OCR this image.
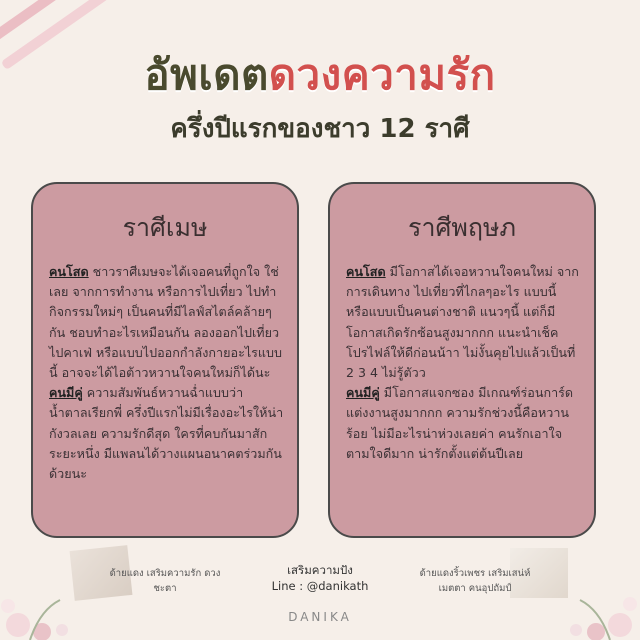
อัพเดตดวงความรัก
ครึ่งปีแรกของชาว 12 ราศี
ราศีเมษ

คนโสด ชาวราศีเมษจะได้เจอคนที่ถูกใจ ใช่เลย จากการทำงาน หรือการไปเที่ยว ไปทำกิจกรรมใหม่ๆ เป็นคนที่มีไลฟ์สไตล์คล้ายๆกัน ชอบทำอะไรเหมือนกัน ลองออกไปเที่ยว ไปคาเฟ่ หรือแบบไปออกกำลังกายอะไรแบบนี้ อาจจะได้ไอต้าวหวานใจคนใหม่ก็ได้นะ

คนมีคู่ ความสัมพันธ์หวานฉ่ำแบบว่า น้ำตาลเรียกพี่ ครึ่งปีแรกไม่มีเรื่องอะไรให้น่ากังวลเลย ความรักดีสุด ใครที่คบกันมาสักระยะหนึ่ง มีแพลนได้วางแผนอนาคตร่วมกันด้วยนะ

ราศีพฤษภ

คนโสด มีโอกาสได้เจอหวานใจคนใหม่ จากการเดินทาง ไปเที่ยวที่ไกลๆอะไร แบบนี้ หรือแบบเป็นคนต่างชาติ แนวๆนี้ แต่ก็มีโอกาสเกิดรักซ้อนสูงมากกก แนะนำเช็คโปรไฟล์ให้ดีก่อนน้าา ไม่งั้นคุยไปแล้วเป็นที่ 2 3 4 ไม่รู้ตัวว

คนมีคู่ มีโอกาสแจกซอง มีเกณฑ์ร่อนการ์ดแต่งงานสูงมากกก ความรักช่วงนี้คือหวานร้อย ไม่มีอะไรน่าห่วงเลยค่า คนรักเอาใจ ตามใจดีมาก น่ารักตั้งแต่ต้นปีเลย

ด้ายแดง เสริมความรัก ดวงชะตา
ด้ายแดงริ้วเพชร เสริมเสน่ห์ เมตตา คนอุปถัมป์
เสริมความปัง
Line : @danikath
DANIKA
